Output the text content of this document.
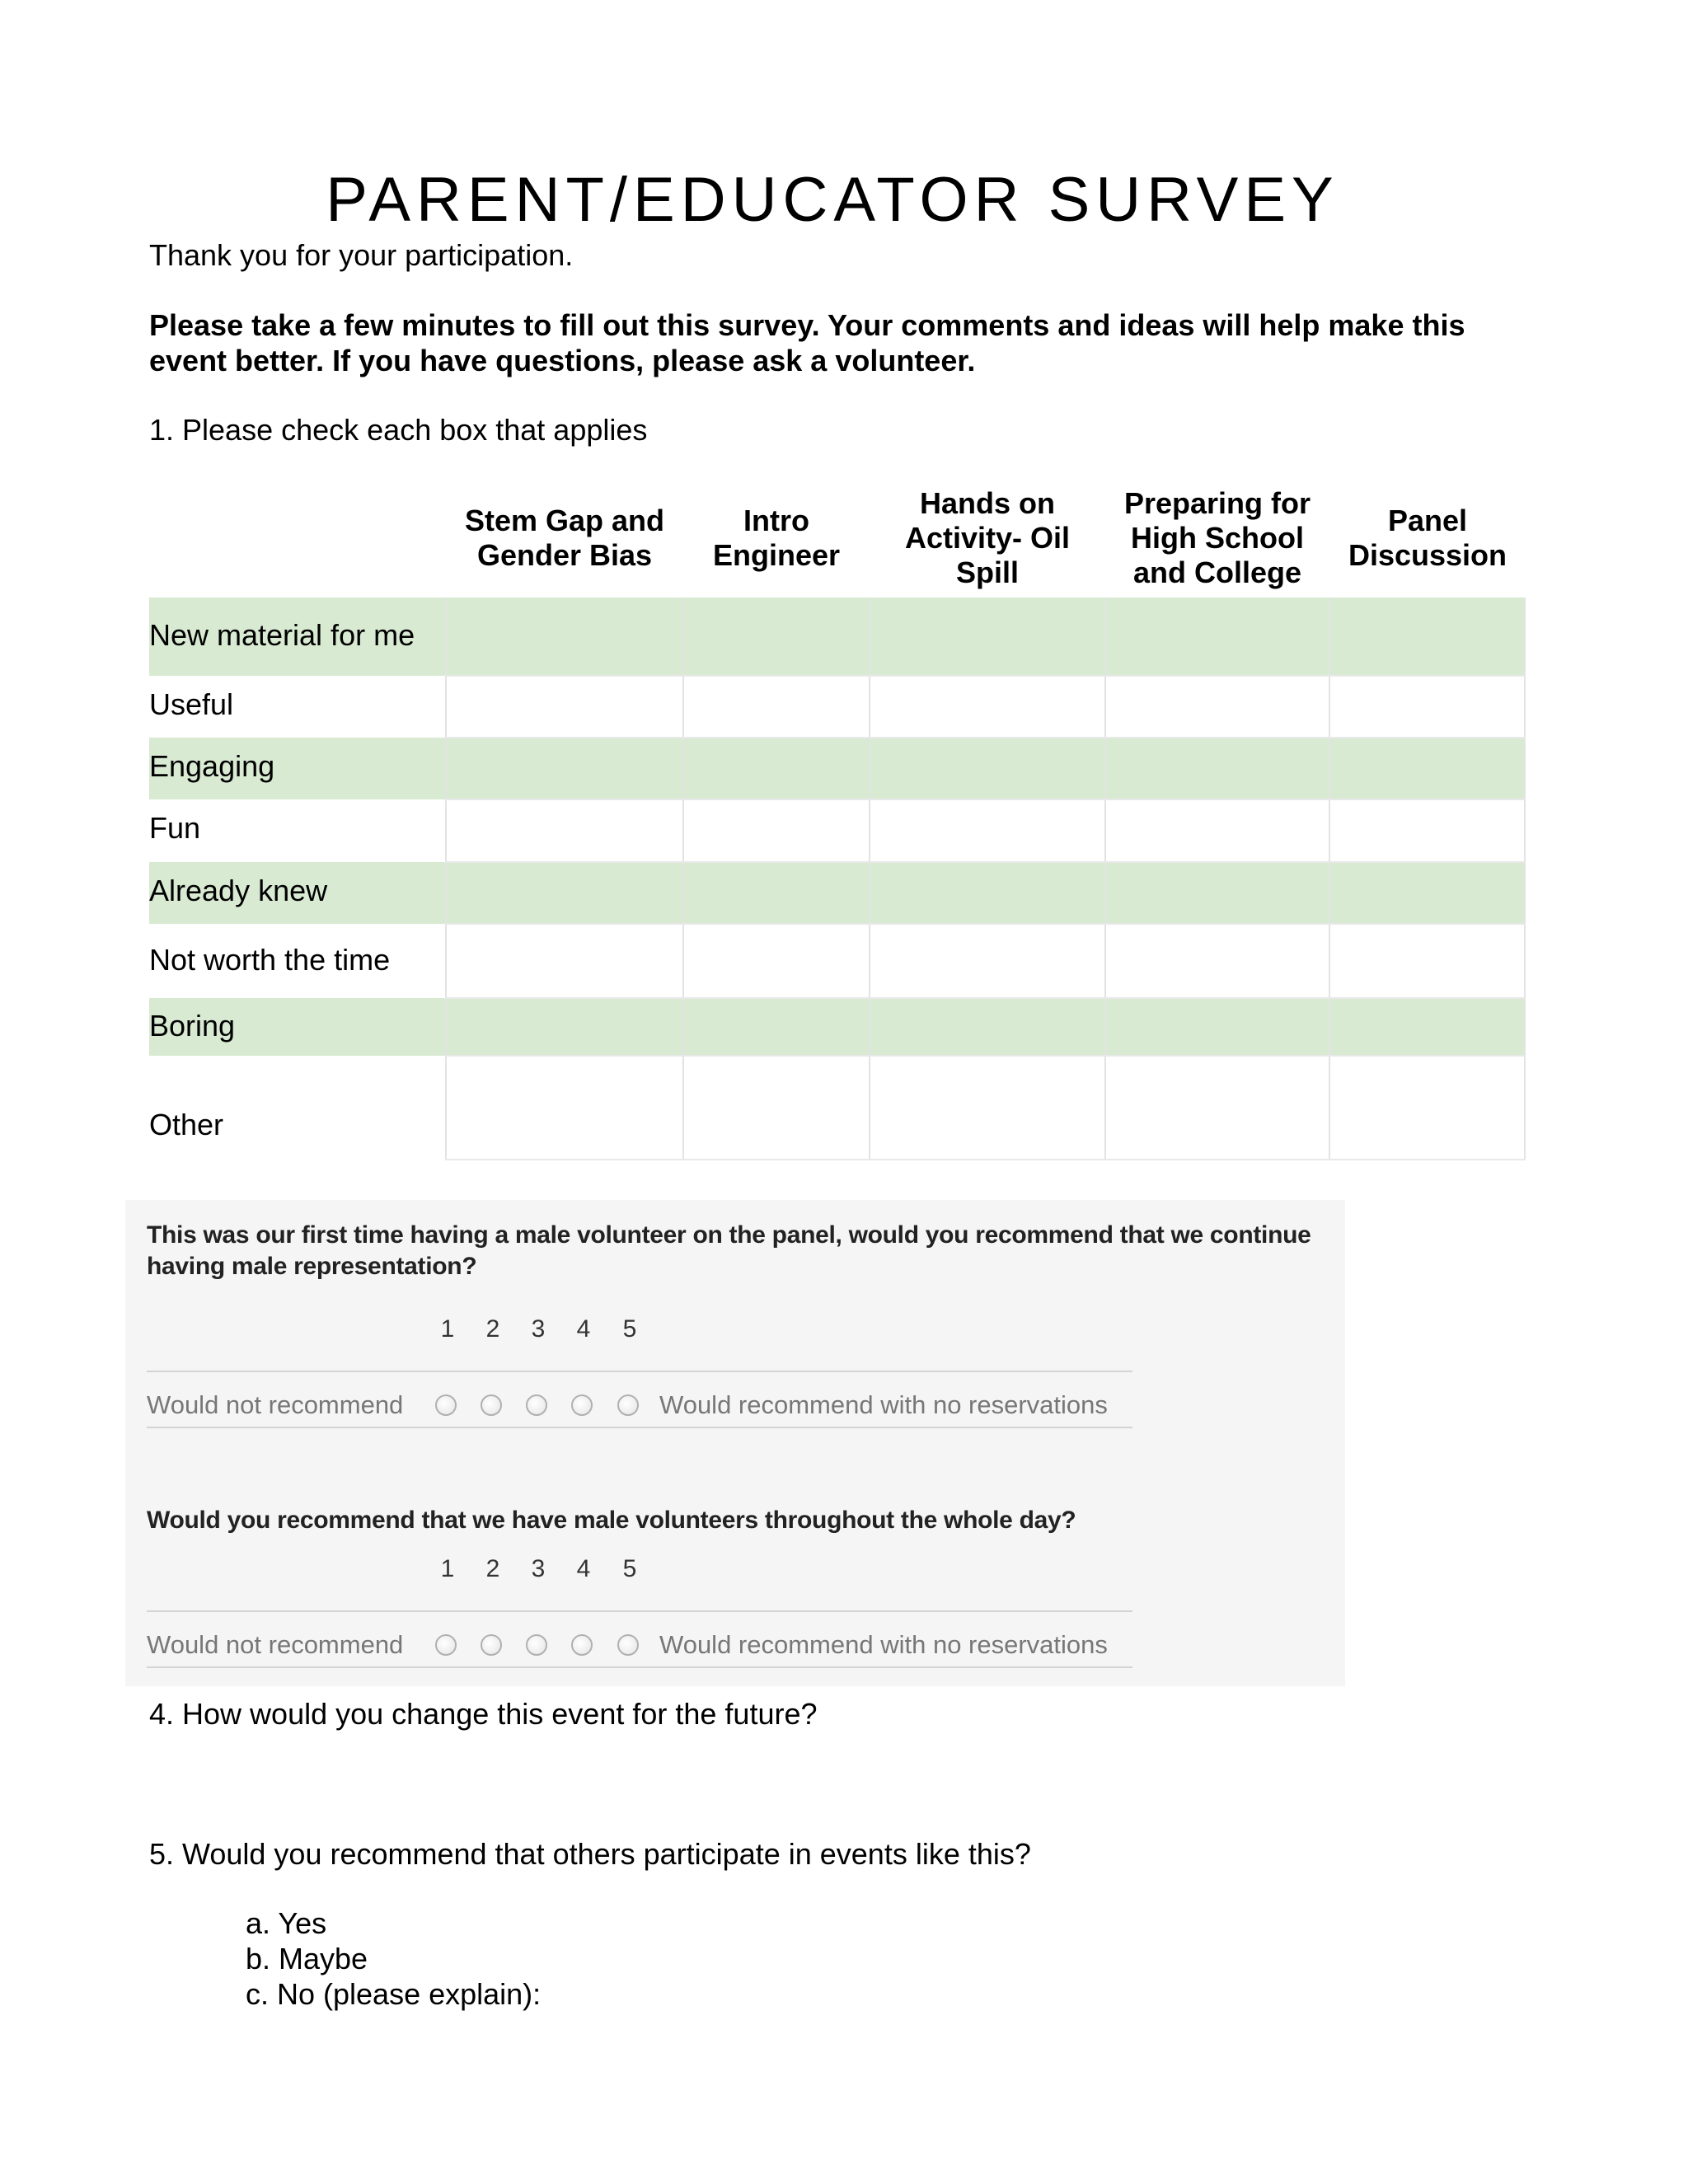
PARENT/EDUCATOR SURVEY
Thank you for your participation.
Please take a few minutes to fill out this survey. Your comments and ideas will help make this event better. If you have questions, please ask a volunteer.
1. Please check each box that applies
Stem Gap and Gender Bias
Intro Engineer
Hands on Activity- Oil Spill
Preparing for High School and College
Panel Discussion
New material for me
Useful
Engaging
Fun
Already knew
Not worth the time
Boring
Other
This was our first time having a male volunteer on the panel, would you recommend that we continue having male representation?
1 2 3 4 5
Would not recommend	Would recommend with no reservations
Would you recommend that we have male volunteers throughout the whole day?
1 2 3 4 5
Would not recommend	Would recommend with no reservations
4. How would you change this event for the future?
5. Would you recommend that others participate in events like this?
a. Yes
b. Maybe
c. No (please explain):
